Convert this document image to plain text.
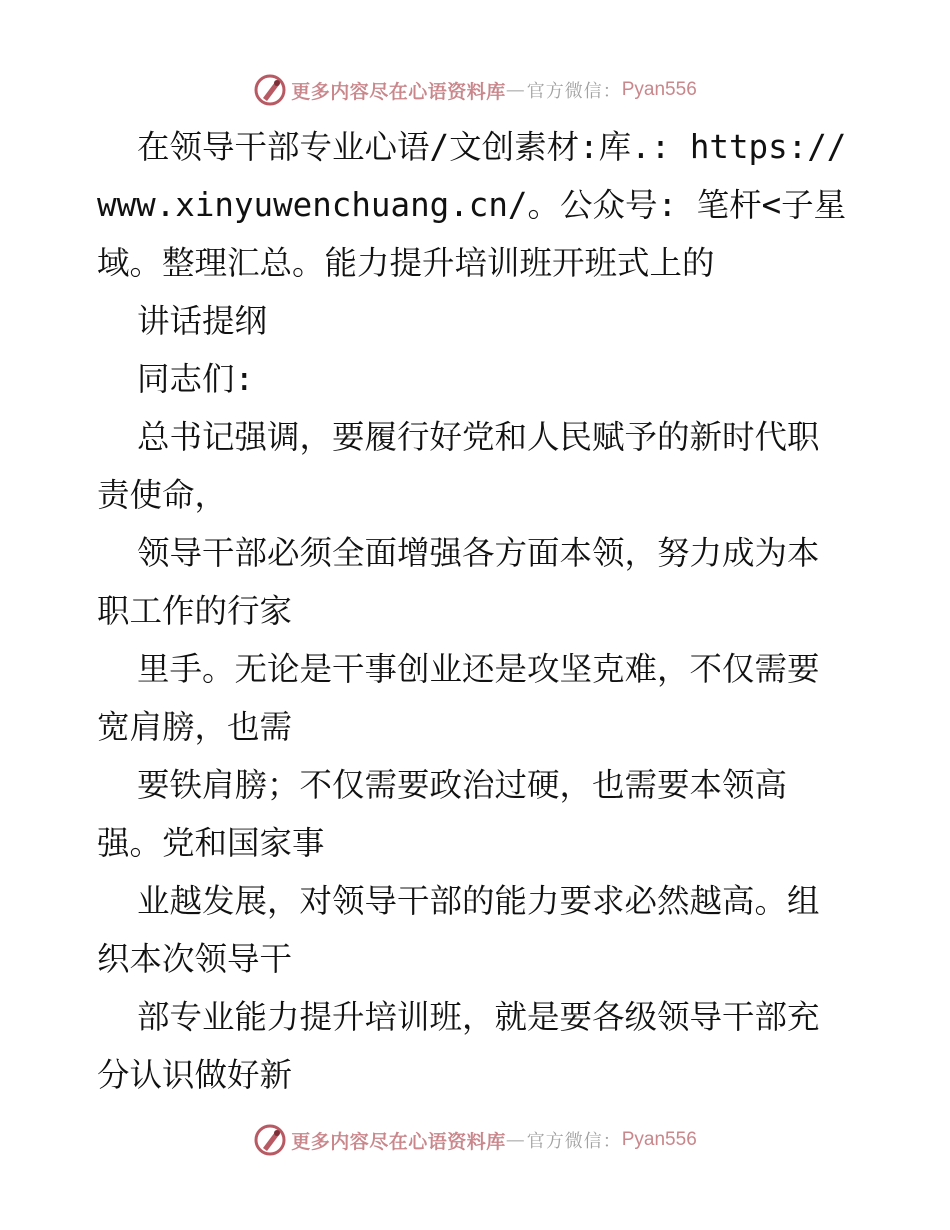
更多内容尽在心语资料库 — 官方微信： Pyan556
在领导干部专业心语/文创素材:库.: https://
www.xinyuwenchuang.cn/。公众号: 笔杆<子星
域。整理汇总。能力提升培训班开班式上的
讲话提纲
同志们:
总书记强调，要履行好党和人民赋予的新时代职
责使命，
领导干部必须全面增强各方面本领，努力成为本
职工作的行家
里手。无论是干事创业还是攻坚克难，不仅需要
宽肩膀，也需
要铁肩膀；不仅需要政治过硬，也需要本领高
强。党和国家事
业越发展，对领导干部的能力要求必然越高。组
织本次领导干
部专业能力提升培训班，就是要各级领导干部充
分认识做好新
更多内容尽在心语资料库 — 官方微信： Pyan556
